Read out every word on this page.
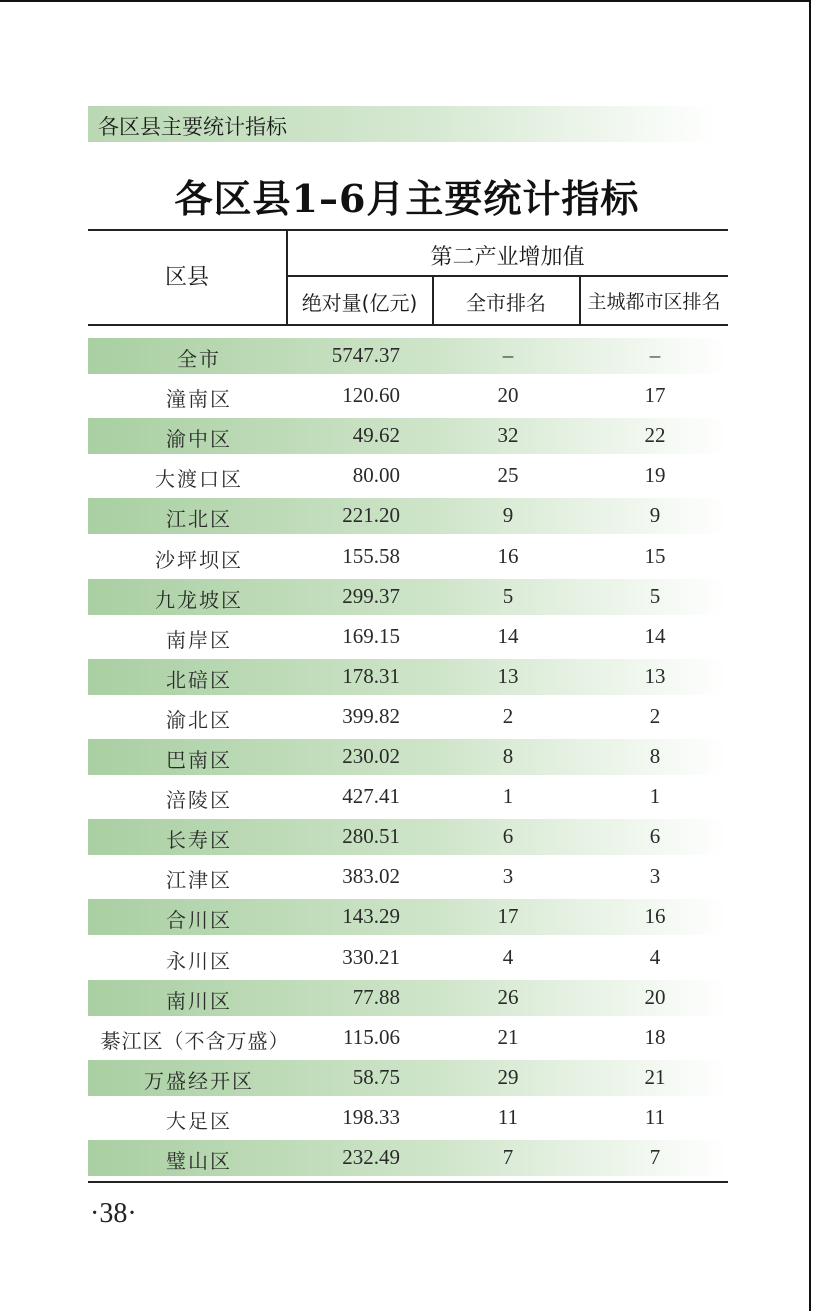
各区县主要统计指标
各区县1–6月主要统计指标
区县
第二产业增加值
绝对量(亿元)	全市排名	主城都市区排名
全市	5747.37	–	–
潼南区	120.60	20	17
渝中区	49.62	32	22
大渡口区	80.00	25	19
江北区	221.20	9	9
沙坪坝区	155.58	16	15
九龙坡区	299.37	5	5
南岸区	169.15	14	14
北碚区	178.31	13	13
渝北区	399.82	2	2
巴南区	230.02	8	8
涪陵区	427.41	1	1
长寿区	280.51	6	6
江津区	383.02	3	3
合川区	143.29	17	16
永川区	330.21	4	4
南川区	77.88	26	20
綦江区（不含万盛）	115.06	21	18
万盛经开区	58.75	29	21
大足区	198.33	11	11
璧山区	232.49	7	7
·38·
